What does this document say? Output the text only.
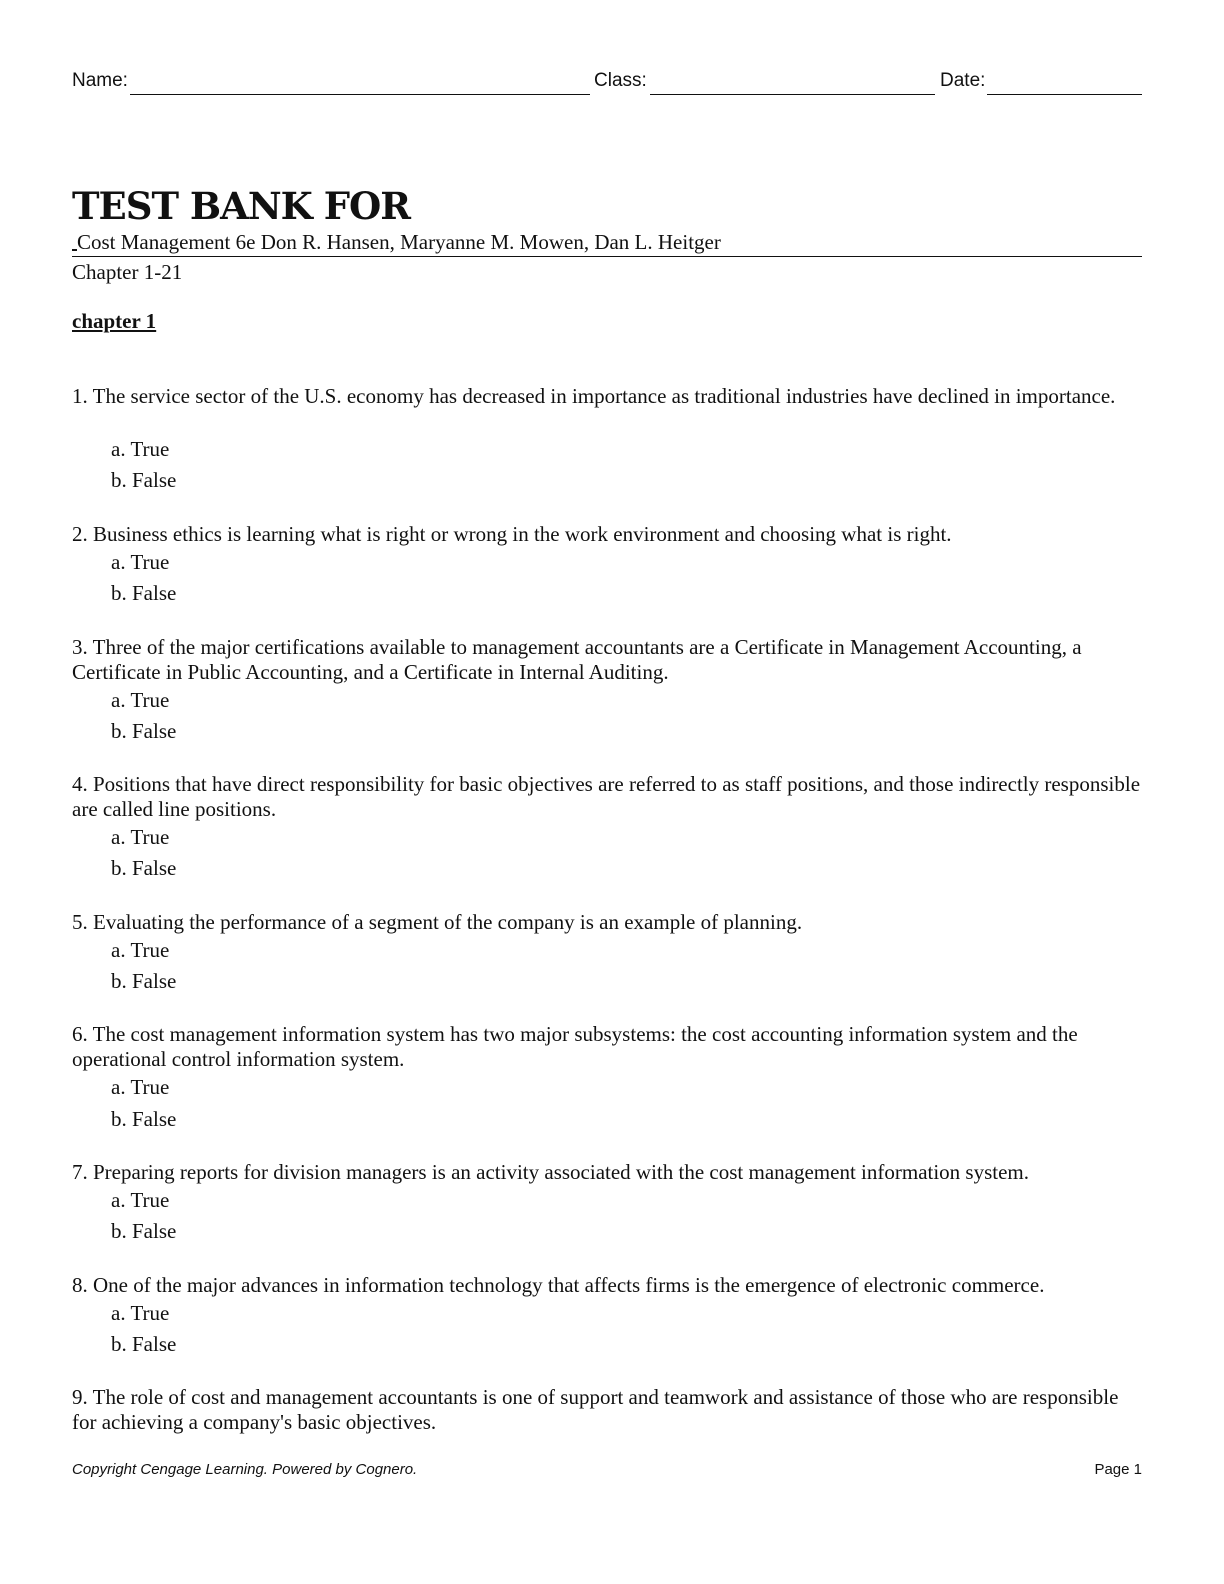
Name:	Class:	Date:
TEST BANK FOR
Cost Management 6e Don R. Hansen, Maryanne M. Mowen, Dan L. Heitger
Chapter 1-21
chapter 1
1. The service sector of the U.S. economy has decreased in importance as traditional industries have declined in importance.
a. True
b. False
2. Business ethics is learning what is right or wrong in the work environment and choosing what is right.
a. True
b. False
3. Three of the major certifications available to management accountants are a Certificate in Management Accounting, a Certificate in Public Accounting, and a Certificate in Internal Auditing.
a. True
b. False
4. Positions that have direct responsibility for basic objectives are referred to as staff positions, and those indirectly responsible are called line positions.
a. True
b. False
5. Evaluating the performance of a segment of the company is an example of planning.
a. True
b. False
6. The cost management information system has two major subsystems: the cost accounting information system and the operational control information system.
a. True
b. False
7. Preparing reports for division managers is an activity associated with the cost management information system.
a. True
b. False
8. One of the major advances in information technology that affects firms is the emergence of electronic commerce.
a. True
b. False
9. The role of cost and management accountants is one of support and teamwork and assistance of those who are responsible for achieving a company's basic objectives.
Copyright Cengage Learning. Powered by Cognero.	Page 1
